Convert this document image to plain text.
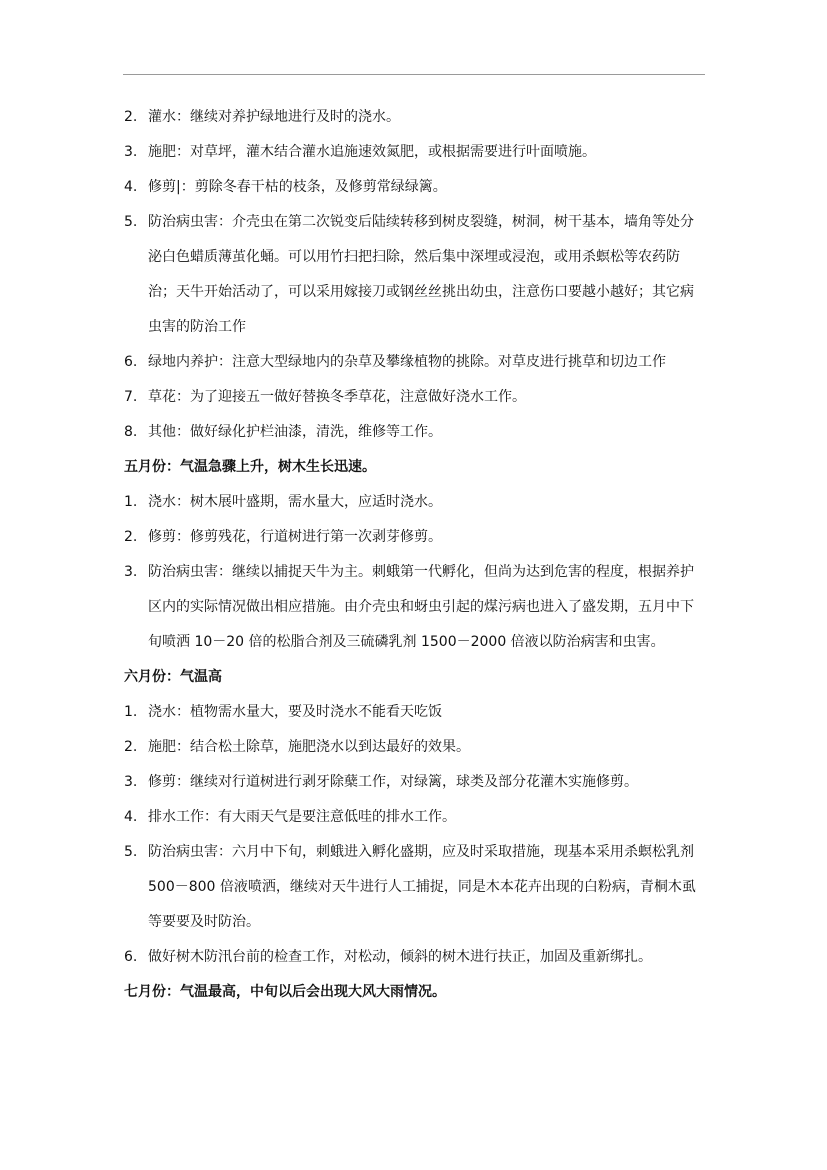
2. 灌水：继续对养护绿地进行及时的浇水。
3. 施肥：对草坪，灌木结合灌水追施速效氮肥，或根据需要进行叶面喷施。
4. 修剪|：剪除冬春干枯的枝条，及修剪常绿绿篱。
5. 防治病虫害：介壳虫在第二次锐变后陆续转移到树皮裂缝，树洞，树干基本，墙角等处分泌白色蜡质薄茧化蛹。可以用竹扫把扫除，然后集中深埋或浸泡，或用杀螟松等农药防治；天牛开始活动了，可以采用嫁接刀或钢丝丝挑出幼虫，注意伤口要越小越好；其它病虫害的防治工作
6. 绿地内养护：注意大型绿地内的杂草及攀缘植物的挑除。对草皮进行挑草和切边工作
7. 草花：为了迎接五一做好替换冬季草花，注意做好浇水工作。
8. 其他：做好绿化护栏油漆，清洗，维修等工作。
五月份：气温急骤上升，树木生长迅速。
1. 浇水：树木展叶盛期，需水量大，应适时浇水。
2. 修剪：修剪残花，行道树进行第一次剥芽修剪。
3. 防治病虫害：继续以捕捉天牛为主。刺蛾第一代孵化，但尚为达到危害的程度，根据养护区内的实际情况做出相应措施。由介壳虫和蚜虫引起的煤污病也进入了盛发期，五月中下旬喷洒 10－20 倍的松脂合剂及三硫磷乳剂 1500－2000 倍液以防治病害和虫害。
六月份：气温高
1. 浇水：植物需水量大，要及时浇水不能看天吃饭
2. 施肥：结合松土除草，施肥浇水以到达最好的效果。
3. 修剪：继续对行道树进行剥牙除蘖工作，对绿篱，球类及部分花灌木实施修剪。
4. 排水工作：有大雨天气是要注意低哇的排水工作。
5. 防治病虫害：六月中下旬，刺蛾进入孵化盛期，应及时采取措施，现基本采用杀螟松乳剂 500－800 倍液喷洒，继续对天牛进行人工捕捉，同是木本花卉出现的白粉病，青桐木虱等要要及时防治。
6. 做好树木防汛台前的检查工作，对松动，倾斜的树木进行扶正，加固及重新绑扎。
七月份：气温最高，中旬以后会出现大风大雨情况。
